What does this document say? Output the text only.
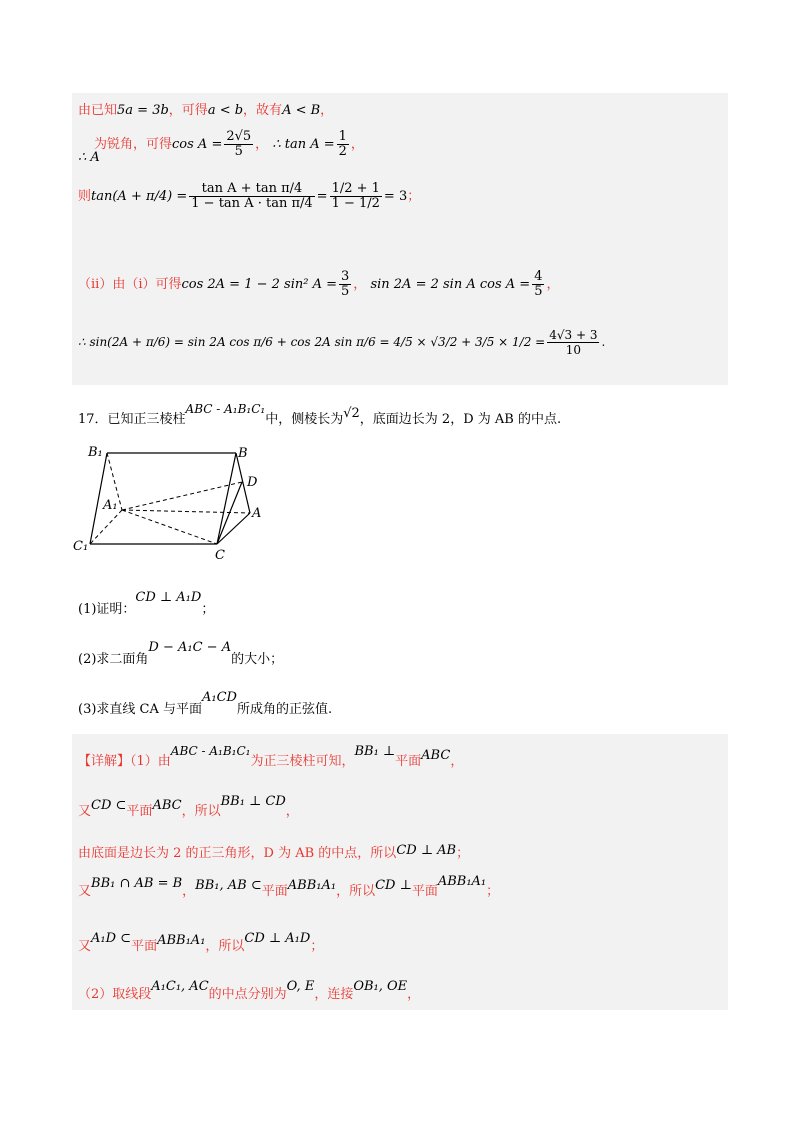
由已知5a = 3b，可得a < b，故有A < B，
为锐角，可得$\cos A = \frac{2√5}{5}$ ， ∴ $\tan A = \frac{1}{2}$ ，
∴ A
则$\tan(A + \pi/4) = \frac{\text{tan A + tan π/4}}{\text{1 − tan A · tan π/4}} = \frac{1/2 + 1}{1 - 1/2} = 3$；
（ii）由（i）可得cos 2A = 1 − 2 sin² $A = \frac{3}{5}$ ， sin 2A = 2 sin A $\cos A = \frac{4}{5}$ ，
∴ sin(2A + π/6) = sin 2A cos π/6 + cos 2A $\sin \pi/6 = 4/5 \times √3/2 + 3/5 \times 1/2 = \frac{4√3 + 3}{10}$ .
17．已知正三棱柱ABC - A₁B₁C₁中，侧棱长为√2，底面边长为 2，D 为 AB 的中点.
B₁	B
D
A₁
A
C₁
C
(1)证明：CD ⊥ A₁D；
(2)求二面角D − A₁C − A的大小；
(3)求直线 CA 与平面A₁CD所成角的正弦值.
【详解】（1）由ABC - A₁B₁C₁为正三棱柱可知，BB₁ ⊥平面ABC，
又CD ⊂平面ABC，所以BB₁ ⊥ CD，
由底面是边长为 2 的正三角形，D 为 AB 的中点，所以CD ⊥ AB；
又BB₁ ∩ AB = B，BB₁, AB ⊂平面ABB₁A₁，所以CD ⊥平面ABB₁A₁；
又A₁D ⊂平面ABB₁A₁，所以CD ⊥ A₁D；
（2）取线段A₁C₁, AC的中点分别为O, E，连接OB₁, OE，
